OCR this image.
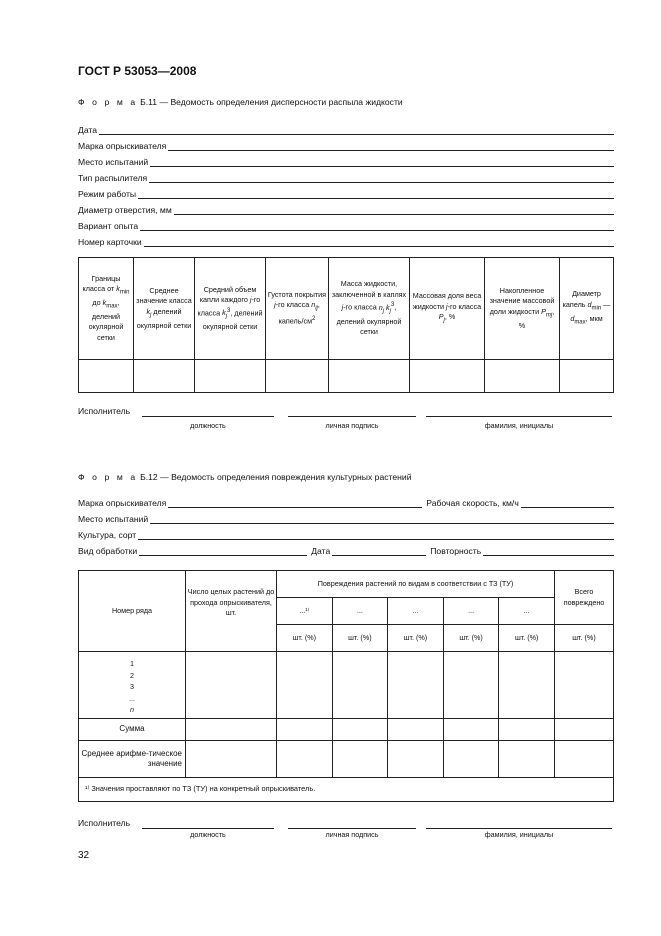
ГОСТ Р 53053—2008
Ф о р м а Б.11 — Ведомость определения дисперсности распыла жидкости
Дата
Марка опрыскивателя
Место испытаний
Тип распылителя
Режим работы
Диаметр отверстия, мм
Вариант опыта
Номер карточки
Границы класса от $k_{min}$ до $k_{max}$, делений окулярной сетки	Среднее значение класса $k_j$ делений окулярной сетки	Средний объем капли каждого j-го класса $k_j^3$, делений окулярной сетки	Густота покрытия j-го класса $n_{ij}$, капель/$см^2$	Масса жидкости, заключенной в каплях j-го класса $n_j$ $k_j^3$, делений окулярной сетки	Массовая доля веса жидкости j-го класса $P_j$, %	Накопленное значение массовой доли жидкости $P_{mj}$, %	Диаметр капель $d_{min}$ — $d_{max}$, мкм

Исполнитель
должность	личная подпись	фамилия, инициалы
Ф о р м а Б.12 — Ведомость определения повреждения культурных растений
Марка опрыскивателя	Рабочая скорость, км/ч
Место испытаний
Культура, сорт
Вид обработки	Дата	Повторность
Номер ряда	Число целых растений до прохода опрыскивателя, шт.	Повреждения растений по видам в соответствии с ТЗ (ТУ)					Всего повреждено
		...¹⁾	...	...	...	...	
		шт. (%)	шт. (%)	шт. (%)	шт. (%)	шт. (%)	шт. (%)

1
2
3
...
n							

Сумма							
Среднее арифме-тическое значение							
¹⁾ Значения проставляют по ТЗ (ТУ) на конкретный опрыскиватель.							
Исполнитель
должность	личная подпись	фамилия, инициалы
32
